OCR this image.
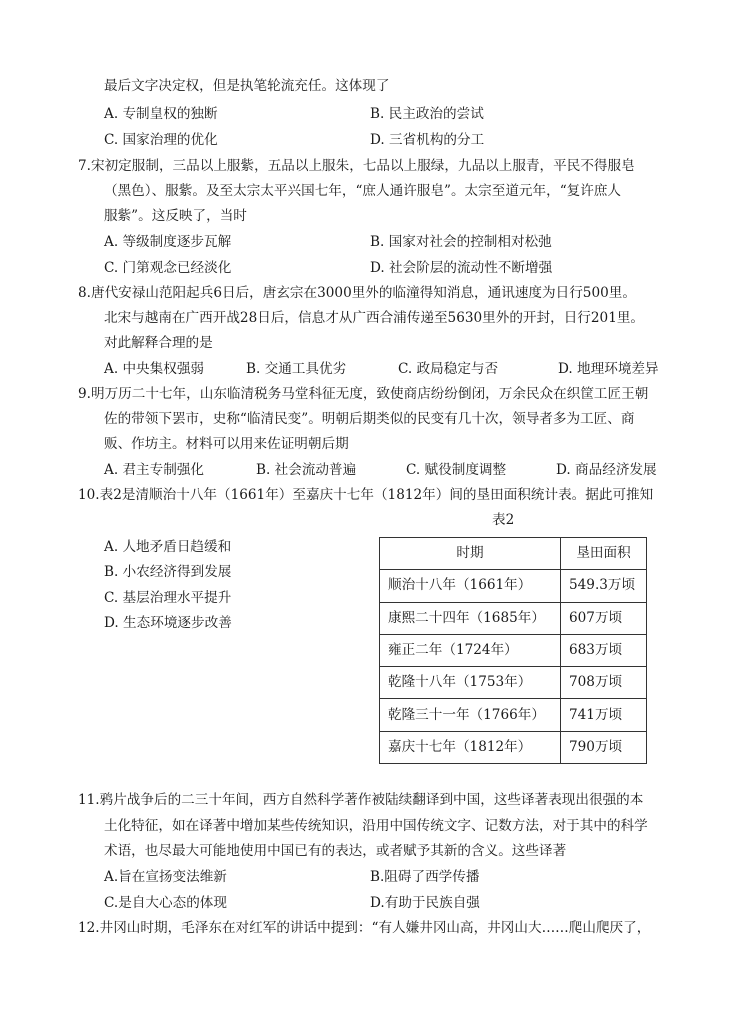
最后文字决定权，但是执笔轮流充任。这体现了
A. 专制皇权的独断	B. 民主政治的尝试
C. 国家治理的优化	D. 三省机构的分工
7.宋初定服制，三品以上服紫，五品以上服朱，七品以上服绿，九品以上服青，平民不得服皂
（黑色）、服紫。及至太宗太平兴国七年，“庶人通许服皂”。太宗至道元年，“复许庶人
服紫”。这反映了，当时
A. 等级制度逐步瓦解	B. 国家对社会的控制相对松弛
C. 门第观念已经淡化	D. 社会阶层的流动性不断增强
8.唐代安禄山范阳起兵6日后，唐玄宗在3000里外的临潼得知消息，通讯速度为日行500里。
北宋与越南在广西开战28日后，信息才从广西合浦传递至5630里外的开封，日行201里。
对此解释合理的是
A. 中央集权强弱	B. 交通工具优劣	C. 政局稳定与否	D. 地理环境差异
9.明万历二十七年，山东临清税务马堂科征无度，致使商店纷纷倒闭，万余民众在织筐工匠王朝
佐的带领下罢市，史称“临清民变”。明朝后期类似的民变有几十次，领导者多为工匠、商
贩、作坊主。材料可以用来佐证明朝后期
A. 君主专制强化	B. 社会流动普遍	C. 赋役制度调整	D. 商品经济发展
10.表2是清顺治十八年（1661年）至嘉庆十七年（1812年）间的垦田面积统计表。据此可推知
A. 人地矛盾日趋缓和
B. 小农经济得到发展
C. 基层治理水平提升
D. 生态环境逐步改善
表2
时期	垦田面积
顺治十八年（1661年）	549.3万顷
康熙二十四年（1685年）	607万顷
雍正二年（1724年）	683万顷
乾隆十八年（1753年）	708万顷
乾隆三十一年（1766年）	741万顷
嘉庆十七年（1812年）	790万顷
11.鸦片战争后的二三十年间，西方自然科学著作被陆续翻译到中国，这些译著表现出很强的本
土化特征，如在译著中增加某些传统知识，沿用中国传统文字、记数方法，对于其中的科学
术语，也尽最大可能地使用中国已有的表达，或者赋予其新的含义。这些译著
A.旨在宣扬变法维新	B.阻碍了西学传播
C.是自大心态的体现	D.有助于民族自强
12.井冈山时期，毛泽东在对红军的讲话中提到：“有人嫌井冈山高，井冈山大……爬山爬厌了，
